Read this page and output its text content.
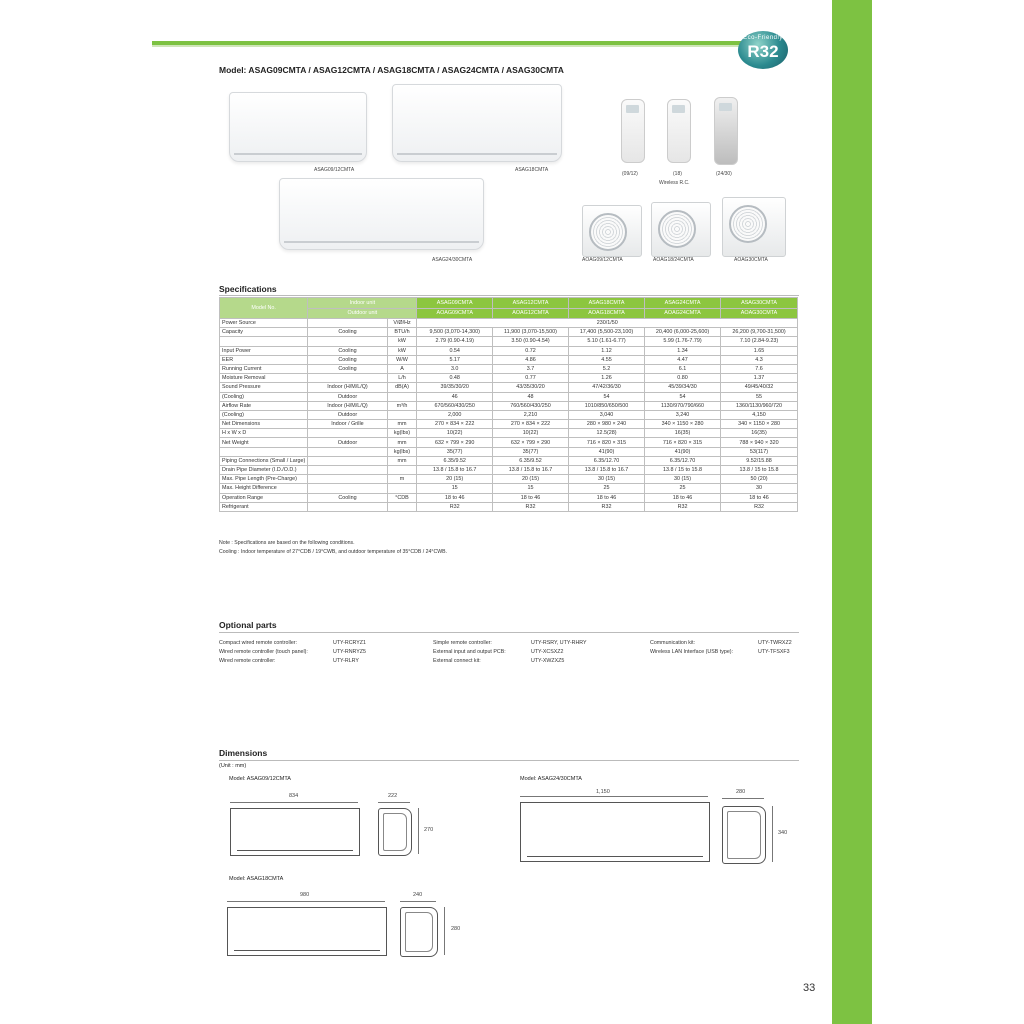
Eco-Friendly
R32
Model: ASAG09CMTA / ASAG12CMTA / ASAG18CMTA / ASAG24CMTA / ASAG30CMTA
ASAG09/12CMTA	ASAG18CMTA
ASAG24/30CMTA
(09/12)	(18)	(24/30)
Wireless R.C.
AOAG09/12CMTA	AOAG18/24CMTA	AOAG30CMTA
Specifications
Model No.	Indoor unit		ASAG09CMTA	ASAG12CMTA	ASAG18CMTA	ASAG24CMTA	ASAG30CMTA
	Outdoor unit		AOAG09CMTA	AOAG12CMTA	AOAG18CMTA	AOAG24CMTA	AOAG30CMTA
Power Source		V/Ø/Hz	230/1/50				
Capacity	Cooling	BTU/h	9,500 (3,070-14,300)	11,900 (3,070-15,500)	17,400 (5,500-23,100)	20,400 (6,000-25,600)	26,200 (9,700-31,500)
		kW	2.79 (0.90-4.19)	3.50 (0.90-4.54)	5.10 (1.61-6.77)	5.99 (1.76-7.79)	7.10 (2.84-9.23)
Input Power	Cooling	kW	0.54	0.72	1.12	1.34	1.65
EER	Cooling	W/W	5.17	4.86	4.55	4.47	4.3
Running Current	Cooling	A	3.0	3.7	5.2	6.1	7.6
Moisture Removal		L/h	0.48	0.77	1.26	0.80	1.37
Sound Pressure	Indoor (H/M/L/Q)	dB(A)	39/35/30/20	43/35/30/20	47/42/36/30	45/39/34/30	49/45/40/32
(Cooling)	Outdoor		46	48	54	54	55
Airflow Rate	Indoor (H/M/L/Q)	m³/h	670/560/430/250	760/560/430/250	1010/850/650/500	1130/970/790/660	1360/1130/960/720
(Cooling)	Outdoor		2,000	2,210	3,040	3,240	4,150
Net Dimensions	Indoor / Grille	mm	270 × 834 × 222	270 × 834 × 222	280 × 980 × 240	340 × 1150 × 280	340 × 1150 × 280
H x W x D		kg(lbs)	10(22)	10(22)	12.5(28)	16(35)	16(35)
Net Weight	Outdoor	mm	632 × 799 × 290	632 × 799 × 290	716 × 820 × 315	716 × 820 × 315	788 × 940 × 320
		kg(lbs)	35(77)	35(77)	41(90)	41(90)	53(117)
Piping Connections (Small / Large)		mm	6.35/9.52	6.35/9.52	6.35/12.70	6.35/12.70	9.52/15.88
Drain Pipe Diameter (I.D./O.D.)			13.8 / 15.8 to 16.7	13.8 / 15.8 to 16.7	13.8 / 15.8 to 16.7	13.8 / 15 to 15.8	13.8 / 15 to 15.8
Max. Pipe Length (Pre-Charge)		m	20 (15)	20 (15)	30 (15)	30 (15)	50 (20)
Max. Height Difference			15	15	25	25	30
Operation Range	Cooling	°CDB	18 to 46	18 to 46	18 to 46	18 to 46	18 to 46
Refrigerant			R32	R32	R32	R32	R32
Note : Specifications are based on the following conditions.
Cooling : Indoor temperature of 27°CDB / 19°CWB, and outdoor temperature of 35°CDB / 24°CWB.
Optional parts
Compact wired remote controller:	UTY-RCRYZ1
Wired remote controller (touch panel):	UTY-RNRYZ5
Wired remote controller:	UTY-RLRY
Simple remote controller:	UTY-RSRY, UTY-RHRY
External input and output PCB:	UTY-XCSXZ2
External connect kit:	UTY-XWZXZ5
Communication kit:	UTY-TWRXZ2
Wireless LAN Interface (USB type):	UTY-TFSXF3
Dimensions
(Unit : mm)
Model: ASAG09/12CMTA	Model: ASAG24/30CMTA
Model: ASAG18CMTA
834	222
270
1,150	280
340
980	240
280
33
